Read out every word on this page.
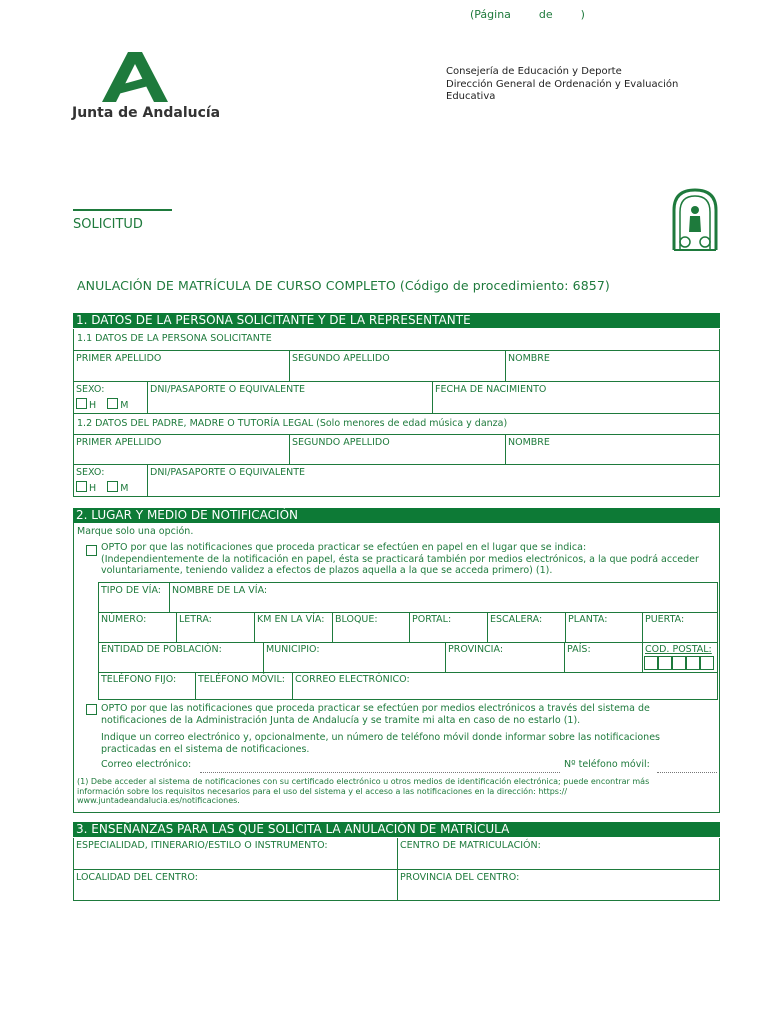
(Página        de        )
Junta de Andalucía
Consejería de Educación y Deporte
Dirección General de Ordenación y Evaluación
Educativa
SOLICITUD
ANULACIÓN DE MATRÍCULA DE CURSO COMPLETO (Código de procedimiento: 6857)
1. DATOS DE LA PERSONA SOLICITANTE Y DE LA REPRESENTANTE
1.1 DATOS DE LA PERSONA SOLICITANTE
PRIMER APELLIDO	SEGUNDO APELLIDO	NOMBRE
SEXO:
H	M
DNI/PASAPORTE O EQUIVALENTE	FECHA DE NACIMIENTO
1.2 DATOS DEL PADRE, MADRE O TUTORÍA LEGAL (Solo menores de edad música y danza)
PRIMER APELLIDO	SEGUNDO APELLIDO	NOMBRE
SEXO:
H	M
DNI/PASAPORTE O EQUIVALENTE
2. LUGAR Y MEDIO DE NOTIFICACIÓN
Marque solo una opción.
OPTO por que las notificaciones que proceda practicar se efectúen en papel en el lugar que se indica:
(Independientemente de la notificación en papel, ésta se practicará también por medios electrónicos, a la que podrá acceder
voluntariamente, teniendo validez a efectos de plazos aquella a la que se acceda primero) (1).
TIPO DE VÍA: NOMBRE DE LA VÍA:
NÚMERO:	LETRA:	KM EN LA VÍA: BLOQUE:	PORTAL:	ESCALERA:	PLANTA:	PUERTA:
ENTIDAD DE POBLACIÓN:	MUNICIPIO:	PROVINCIA:	PAÍS:	COD. POSTAL:
TELÉFONO FIJO: TELÉFONO MÓVIL: CORREO ELECTRÓNICO:
OPTO por que las notificaciones que proceda practicar se efectúen por medios electrónicos a través del sistema de
notificaciones de la Administración Junta de Andalucía y se tramite mi alta en caso de no estarlo (1).
Indique un correo electrónico y, opcionalmente, un número de teléfono móvil donde informar sobre las notificaciones
practicadas en el sistema de notificaciones.
Correo electrónico:	Nº teléfono móvil:
(1) Debe acceder al sistema de notificaciones con su certificado electrónico u otros medios de identificación electrónica; puede encontrar más
información sobre los requisitos necesarios para el uso del sistema y el acceso a las notificaciones en la dirección: https://
www.juntadeandalucia.es/notificaciones.
3. ENSEÑANZAS PARA LAS QUE SOLICITA LA ANULACIÓN DE MATRÍCULA
ESPECIALIDAD, ITINERARIO/ESTILO O INSTRUMENTO:	CENTRO DE MATRICULACIÓN:
LOCALIDAD DEL CENTRO:	PROVINCIA DEL CENTRO:
